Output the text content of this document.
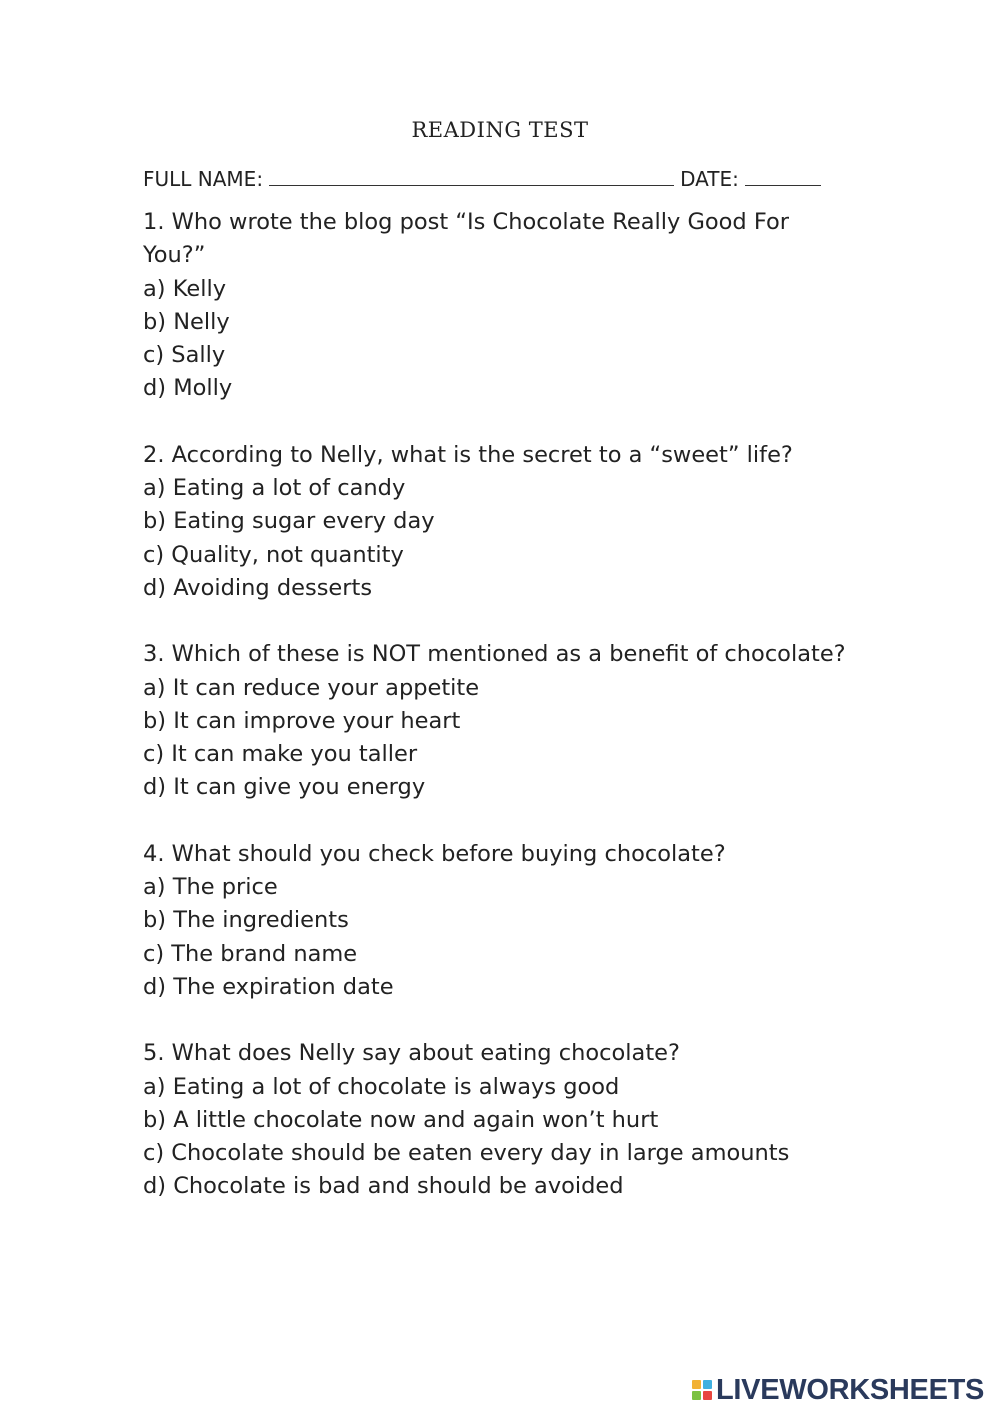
READING TEST
FULL NAME:	DATE:
1. Who wrote the blog post “Is Chocolate Really Good For You?”
a) Kelly
b) Nelly
c) Sally
d) Molly
2. According to Nelly, what is the secret to a “sweet” life?
a) Eating a lot of candy
b) Eating sugar every day
c) Quality, not quantity
d) Avoiding desserts
3. Which of these is NOT mentioned as a benefit of chocolate?
a) It can reduce your appetite
b) It can improve your heart
c) It can make you taller
d) It can give you energy
4. What should you check before buying chocolate?
a) The price
b) The ingredients
c) The brand name
d) The expiration date
5. What does Nelly say about eating chocolate?
a) Eating a lot of chocolate is always good
b) A little chocolate now and again won’t hurt
c) Chocolate should be eaten every day in large amounts
d) Chocolate is bad and should be avoided
LIVEWORKSHEETS
